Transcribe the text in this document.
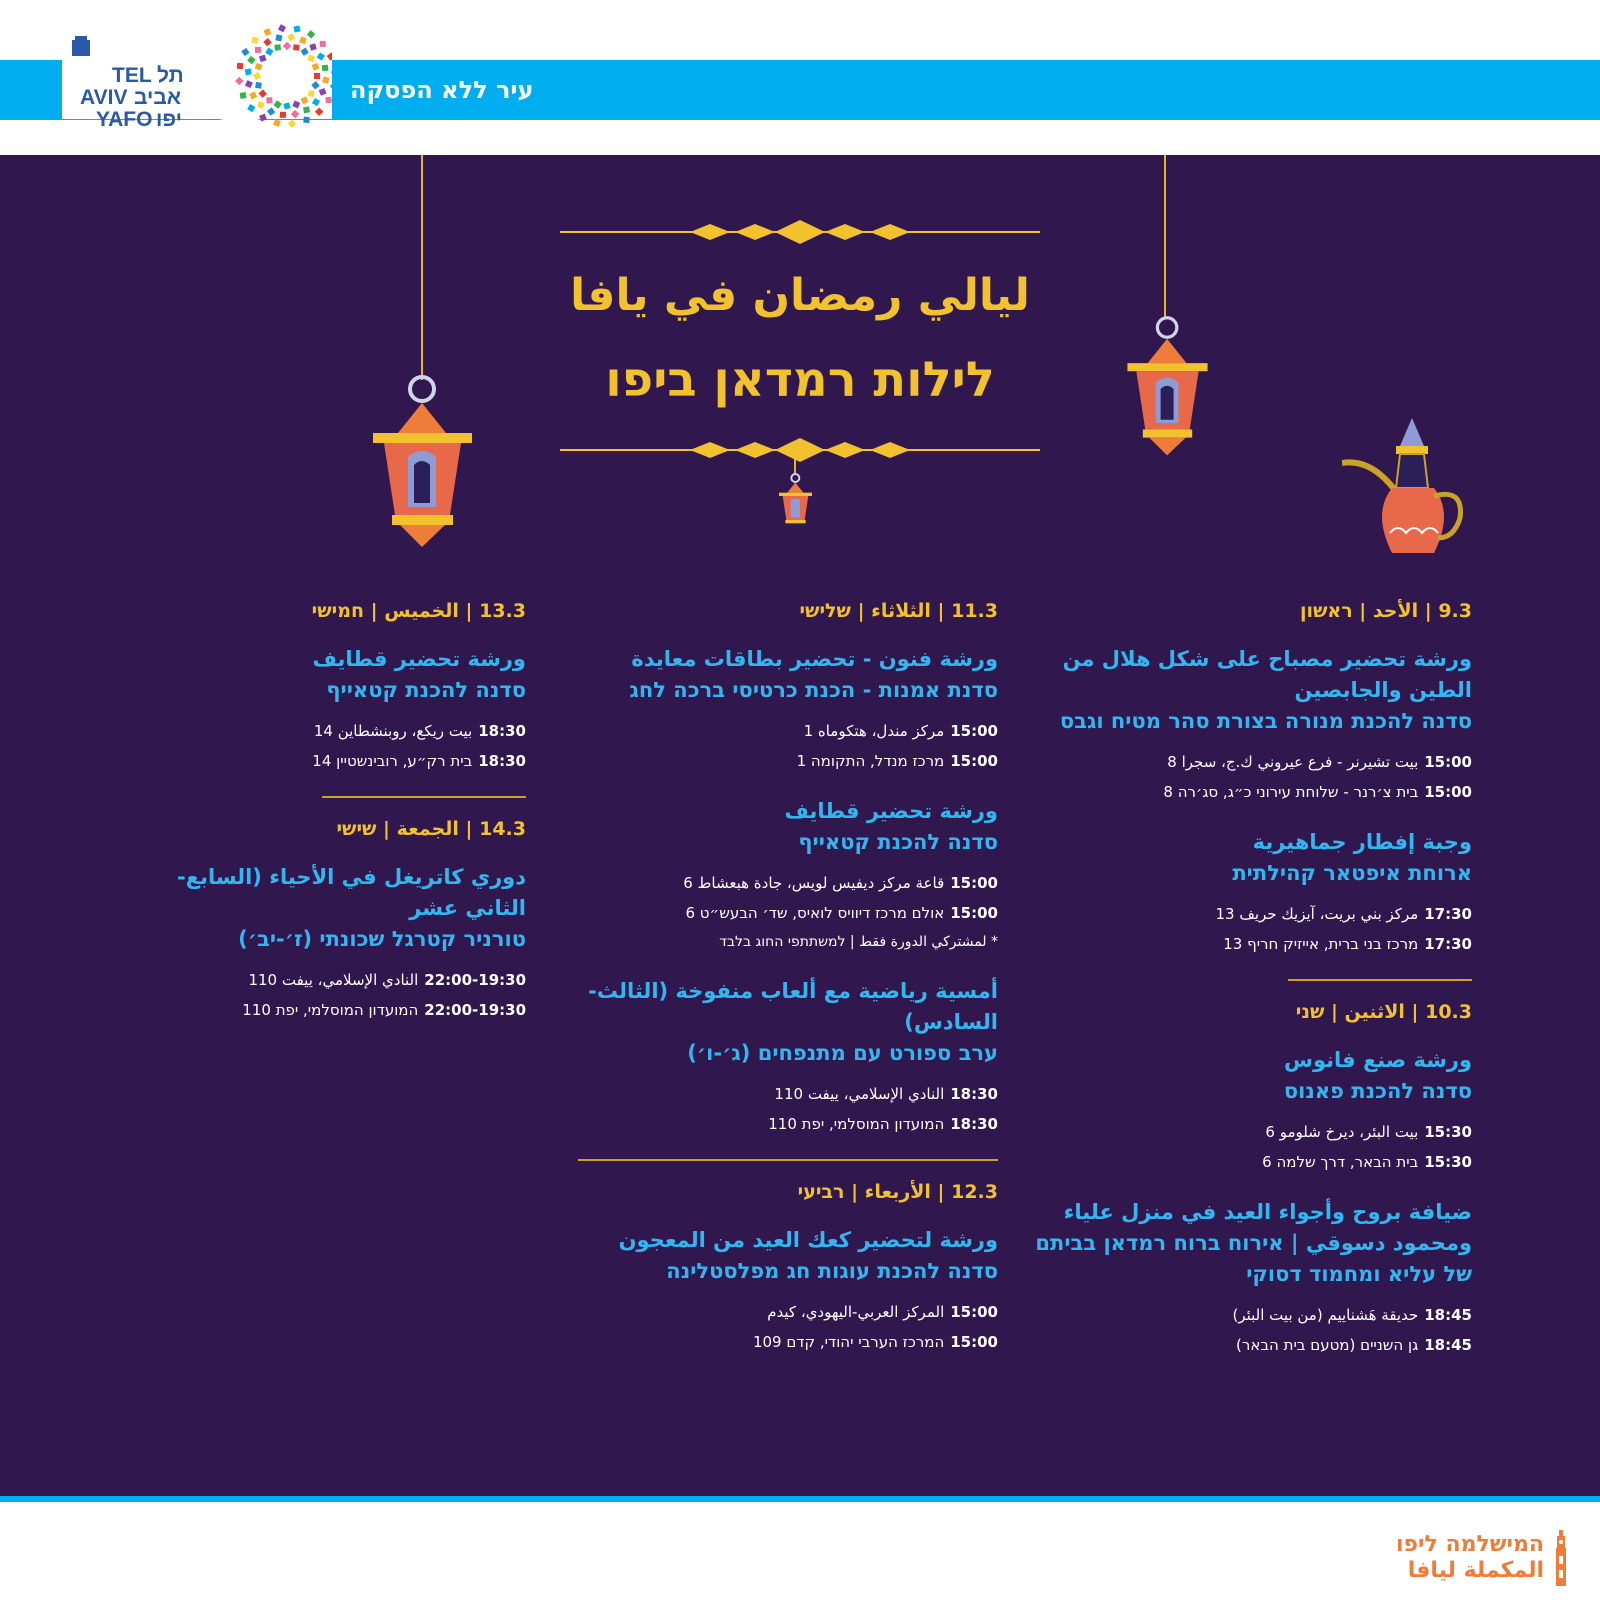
עיר ללא הפסקה
TEL תל
AVIV אביב
YAFO יפו
ليالي رمضان في يافا
לילות רמדאן ביפו
9.3 | الأحد | ראשון
ورشة تحضير مصباح على شكل هلال من الطين والجابصين
סדנה להכנת מנורה בצורת סהר מטיח וגבס
15:00بيت تشيرنر - فرع عيروني ك.ج، سجرا 8
15:00בית צ׳רנר - שלוחת עירוני כ״ג, סג׳רה 8
وجبة إفطار جماهيرية
ארוחת איפטאר קהילתית
17:30مركز بني بريت، آيزيك حريف 13
17:30מרכז בני ברית, אייזיק חריף 13
10.3 | الاثنين | שני
ورشة صنع فانوس
סדנה להכנת פאנוס
15:30بيت البئر، ديرخ شلومو 6
15:30בית הבאר, דרך שלמה 6
ضيافة بروح وأجواء العيد في منزل علياء ومحمود دسوقي | אירוח ברוח רמדאן בביתם של עליא ומחמוד דסוקי
18:45حديقة هَشناييم (من بيت البئر)
18:45גן השניים (מטעם בית הבאר)
11.3 | الثلاثاء | שלישי
ورشة فنون - تحضير بطاقات معايدة
סדנת אמנות - הכנת כרטיסי ברכה לחג
15:00مركز مندل، هتكوماه 1
15:00מרכז מנדל, התקומה 1
ورشة تحضير قطايف
סדנה להכנת קטאייף
15:00قاعة مركز ديفيس لويس، جادة هبعشاط 6
15:00אולם מרכז דיוויס לואיס, שד׳ הבעש״ט 6
* لمشتركي الدورة فقط | למשתתפי החוג בלבד
أمسية رياضية مع ألعاب منفوخة (الثالث-السادس)
ערב ספורט עם מתנפחים (ג׳-ו׳)
18:30النادي الإسلامي، ييفت 110
18:30המועדון המוסלמי, יפת 110
12.3 | الأربعاء | רביעי
ورشة لتحضير كعك العيد من المعجون
סדנה להכנת עוגות חג מפלסטלינה
15:00المركز العربي-اليهودي، كيدم
15:00המרכז הערבי יהודי, קדם 109
13.3 | الخميس | חמישי
ورشة تحضير قطايف
סדנה להכנת קטאייף
18:30بيت ريكع، روبنشطاين 14
18:30בית רק״ע, רובינשטיין 14
14.3 | الجمعة | שישי
دوري كاتريغل في الأحياء (السابع-الثاني عشر
טורניר קטרגל שכונתי (ז׳-יב׳)
22:00-19:30النادي الإسلامي، ييفت 110
22:00-19:30המועדון המוסלמי, יפת 110
המישלמה ליפו
المكملة ليافا
